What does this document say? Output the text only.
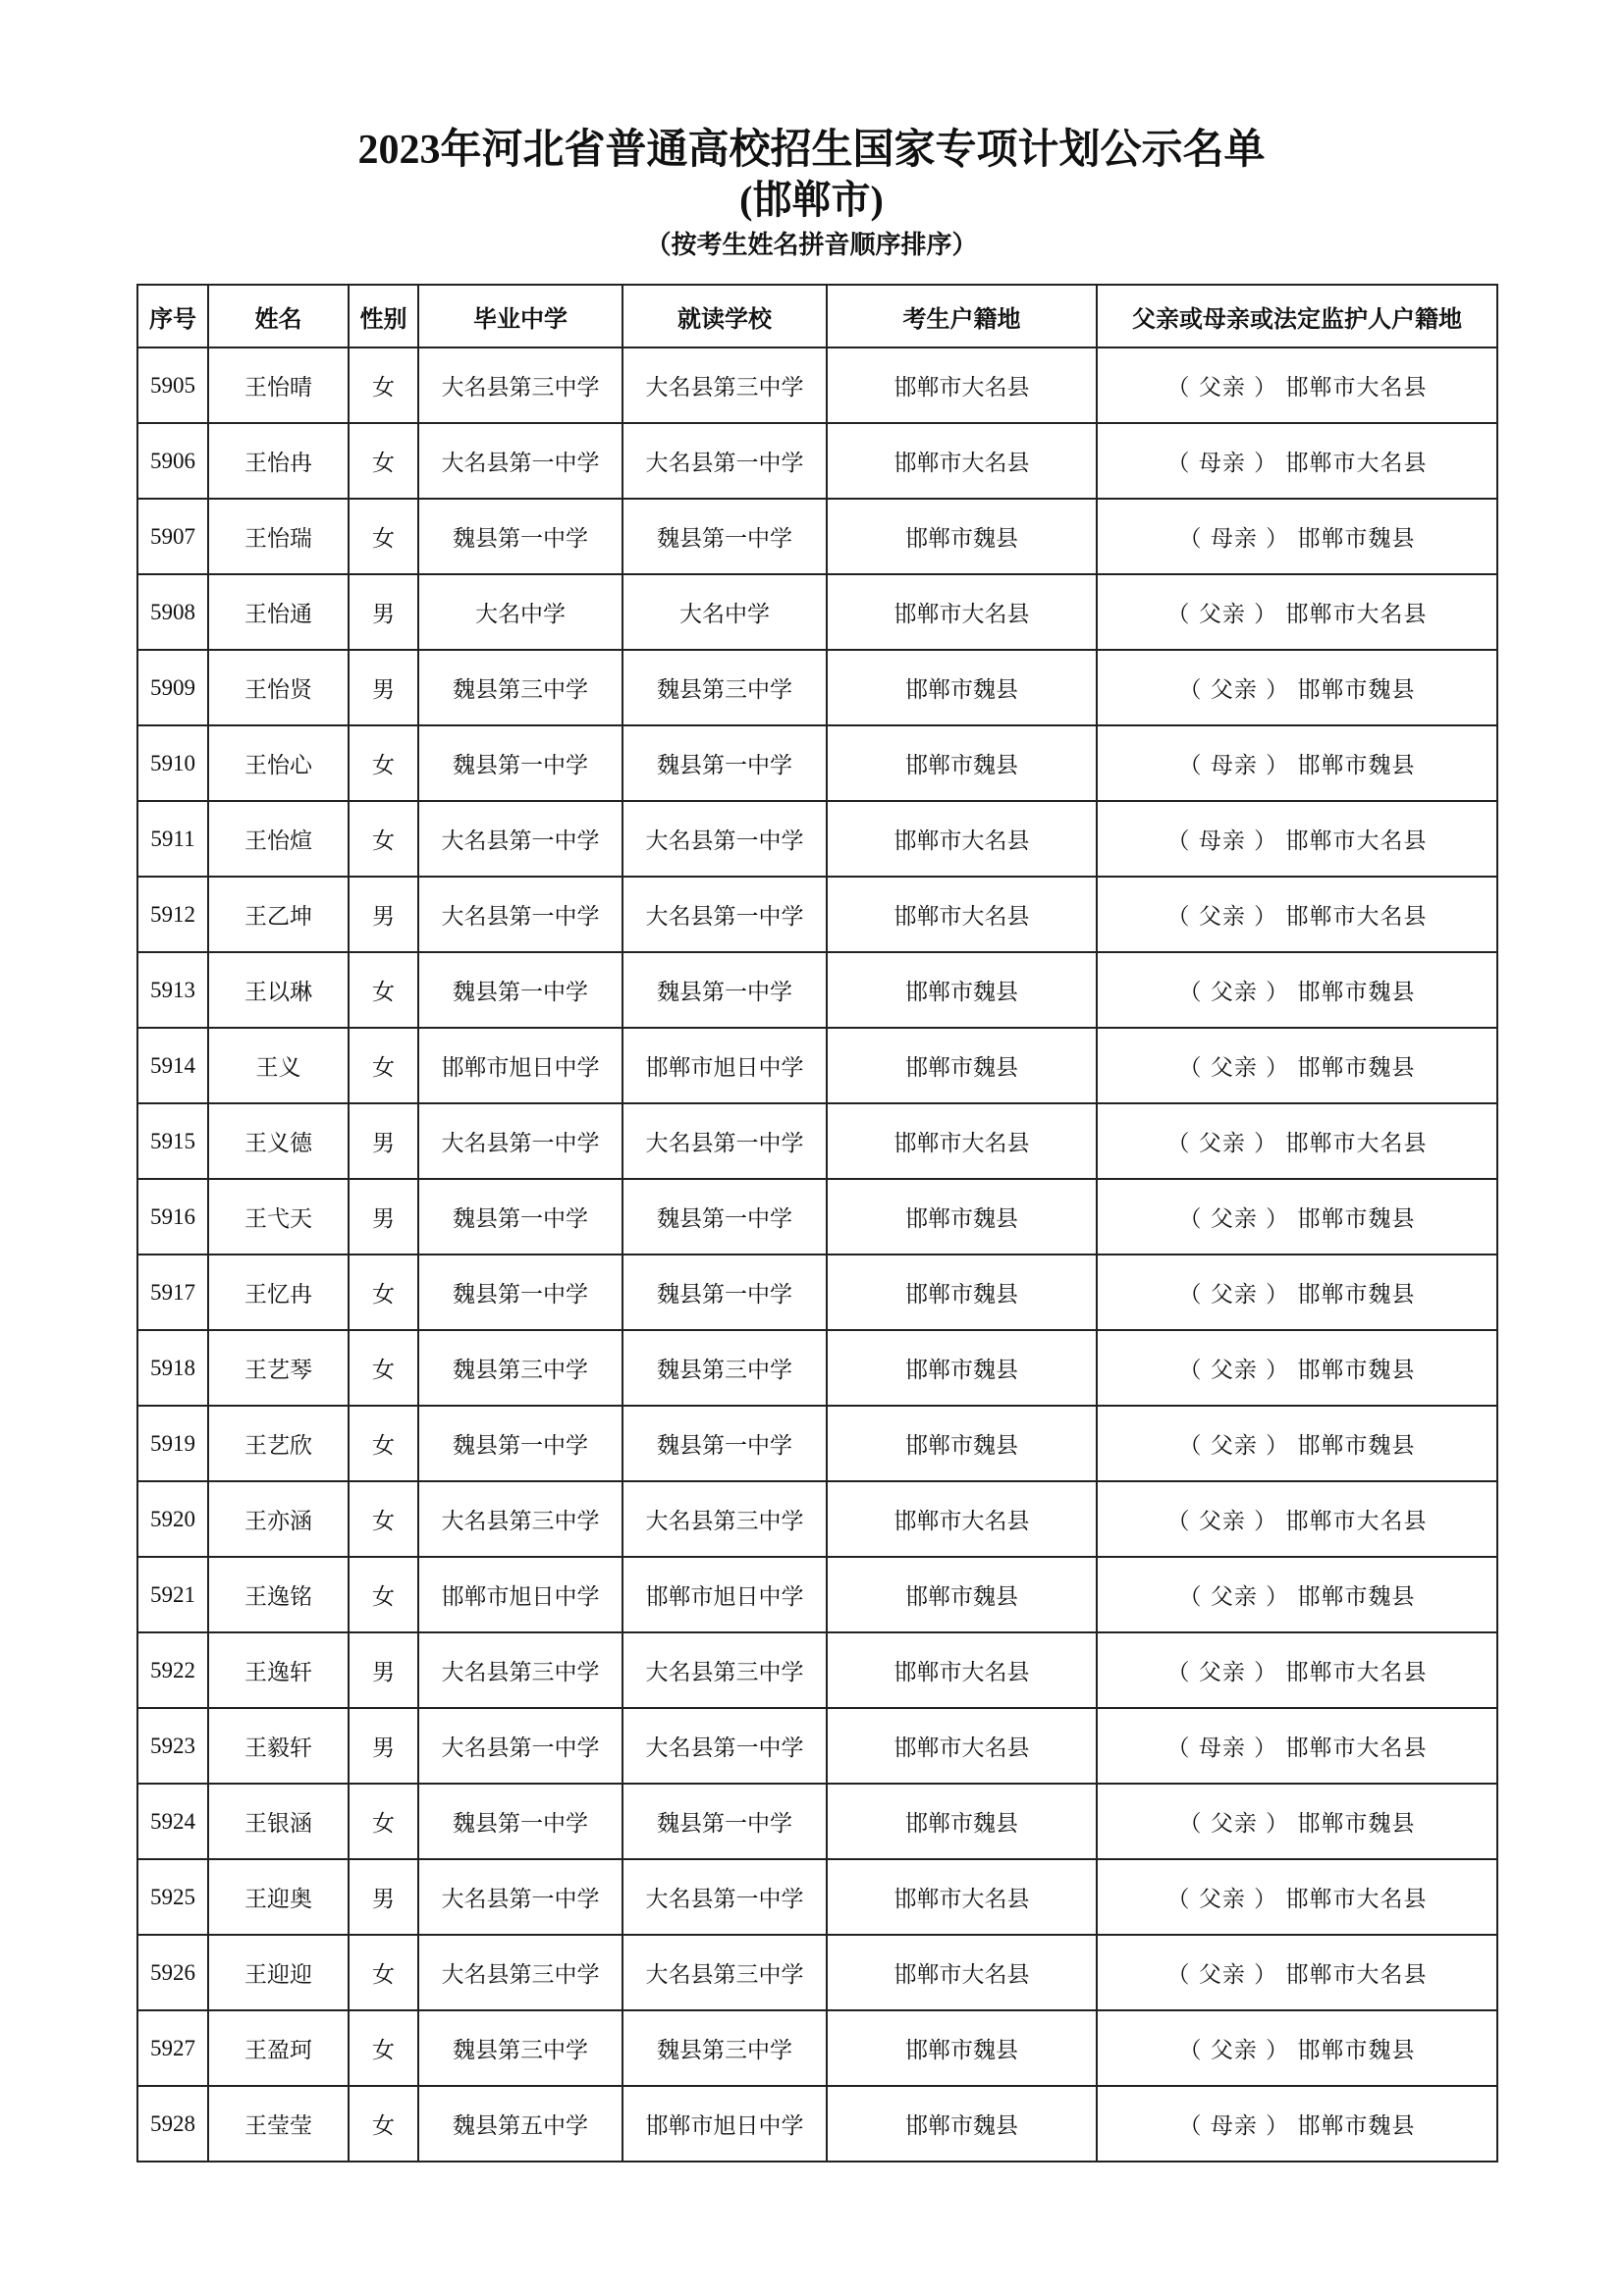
2023年河北省普通高校招生国家专项计划公示名单
(邯郸市)
（按考生姓名拼音顺序排序）
序号	姓名	性别	毕业中学	就读学校	考生户籍地	父亲或母亲或法定监护人户籍地
5905	王怡晴	女	大名县第三中学	大名县第三中学	邯郸市大名县	（ 父亲 ） 邯郸市大名县
5906	王怡冉	女	大名县第一中学	大名县第一中学	邯郸市大名县	（ 母亲 ） 邯郸市大名县
5907	王怡瑞	女	魏县第一中学	魏县第一中学	邯郸市魏县	（ 母亲 ） 邯郸市魏县
5908	王怡通	男	大名中学	大名中学	邯郸市大名县	（ 父亲 ） 邯郸市大名县
5909	王怡贤	男	魏县第三中学	魏县第三中学	邯郸市魏县	（ 父亲 ） 邯郸市魏县
5910	王怡心	女	魏县第一中学	魏县第一中学	邯郸市魏县	（ 母亲 ） 邯郸市魏县
5911	王怡煊	女	大名县第一中学	大名县第一中学	邯郸市大名县	（ 母亲 ） 邯郸市大名县
5912	王乙坤	男	大名县第一中学	大名县第一中学	邯郸市大名县	（ 父亲 ） 邯郸市大名县
5913	王以琳	女	魏县第一中学	魏县第一中学	邯郸市魏县	（ 父亲 ） 邯郸市魏县
5914	王义	女	邯郸市旭日中学	邯郸市旭日中学	邯郸市魏县	（ 父亲 ） 邯郸市魏县
5915	王义德	男	大名县第一中学	大名县第一中学	邯郸市大名县	（ 父亲 ） 邯郸市大名县
5916	王弋天	男	魏县第一中学	魏县第一中学	邯郸市魏县	（ 父亲 ） 邯郸市魏县
5917	王忆冉	女	魏县第一中学	魏县第一中学	邯郸市魏县	（ 父亲 ） 邯郸市魏县
5918	王艺琴	女	魏县第三中学	魏县第三中学	邯郸市魏县	（ 父亲 ） 邯郸市魏县
5919	王艺欣	女	魏县第一中学	魏县第一中学	邯郸市魏县	（ 父亲 ） 邯郸市魏县
5920	王亦涵	女	大名县第三中学	大名县第三中学	邯郸市大名县	（ 父亲 ） 邯郸市大名县
5921	王逸铭	女	邯郸市旭日中学	邯郸市旭日中学	邯郸市魏县	（ 父亲 ） 邯郸市魏县
5922	王逸轩	男	大名县第三中学	大名县第三中学	邯郸市大名县	（ 父亲 ） 邯郸市大名县
5923	王毅轩	男	大名县第一中学	大名县第一中学	邯郸市大名县	（ 母亲 ） 邯郸市大名县
5924	王银涵	女	魏县第一中学	魏县第一中学	邯郸市魏县	（ 父亲 ） 邯郸市魏县
5925	王迎奥	男	大名县第一中学	大名县第一中学	邯郸市大名县	（ 父亲 ） 邯郸市大名县
5926	王迎迎	女	大名县第三中学	大名县第三中学	邯郸市大名县	（ 父亲 ） 邯郸市大名县
5927	王盈珂	女	魏县第三中学	魏县第三中学	邯郸市魏县	（ 父亲 ） 邯郸市魏县
5928	王莹莹	女	魏县第五中学	邯郸市旭日中学	邯郸市魏县	（ 母亲 ） 邯郸市魏县
